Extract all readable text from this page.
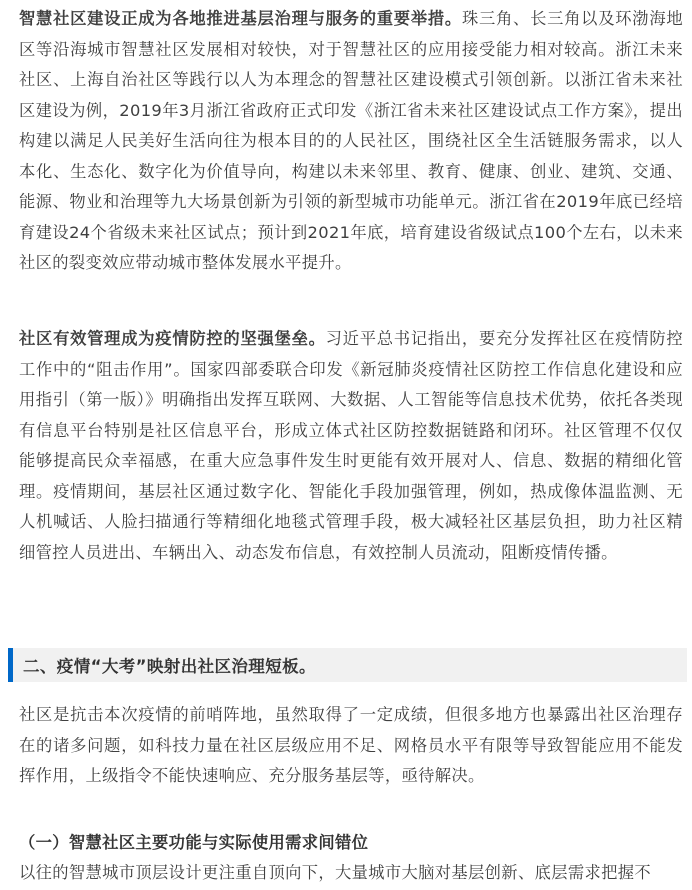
智慧社区建设正成为各地推进基层治理与服务的重要举措。珠三角、长三角以及环渤海地区等沿海城市智慧社区发展相对较快，对于智慧社区的应用接受能力相对较高。浙江未来社区、上海自治社区等践行以人为本理念的智慧社区建设模式引领创新。以浙江省未来社区建设为例，2019年3月浙江省政府正式印发《浙江省未来社区建设试点工作方案》，提出构建以满足人民美好生活向往为根本目的的人民社区，围绕社区全生活链服务需求，以人本化、生态化、数字化为价值导向，构建以未来邻里、教育、健康、创业、建筑、交通、能源、物业和治理等九大场景创新为引领的新型城市功能单元。浙江省在2019年底已经培育建设24个省级未来社区试点；预计到2021年底，培育建设省级试点100个左右，以未来社区的裂变效应带动城市整体发展水平提升。

社区有效管理成为疫情防控的坚强堡垒。习近平总书记指出，要充分发挥社区在疫情防控工作中的“阻击作用”。国家四部委联合印发《新冠肺炎疫情社区防控工作信息化建设和应用指引（第一版）》明确指出发挥互联网、大数据、人工智能等信息技术优势，依托各类现有信息平台特别是社区信息平台，形成立体式社区防控数据链路和闭环。社区管理不仅仅能够提高民众幸福感，在重大应急事件发生时更能有效开展对人、信息、数据的精细化管理。疫情期间，基层社区通过数字化、智能化手段加强管理，例如，热成像体温监测、无人机喊话、人脸扫描通行等精细化地毯式管理手段，极大减轻社区基层负担，助力社区精细管控人员进出、车辆出入、动态发布信息，有效控制人员流动，阻断疫情传播。

二、疫情“大考”映射出社区治理短板。

社区是抗击本次疫情的前哨阵地，虽然取得了一定成绩，但很多地方也暴露出社区治理存在的诸多问题，如科技力量在社区层级应用不足、网格员水平有限等导致智能应用不能发挥作用，上级指令不能快速响应、充分服务基层等，亟待解决。

（一）智慧社区主要功能与实际使用需求间错位

以往的智慧城市顶层设计更注重自顶向下，大量城市大脑对基层创新、底层需求把握不
